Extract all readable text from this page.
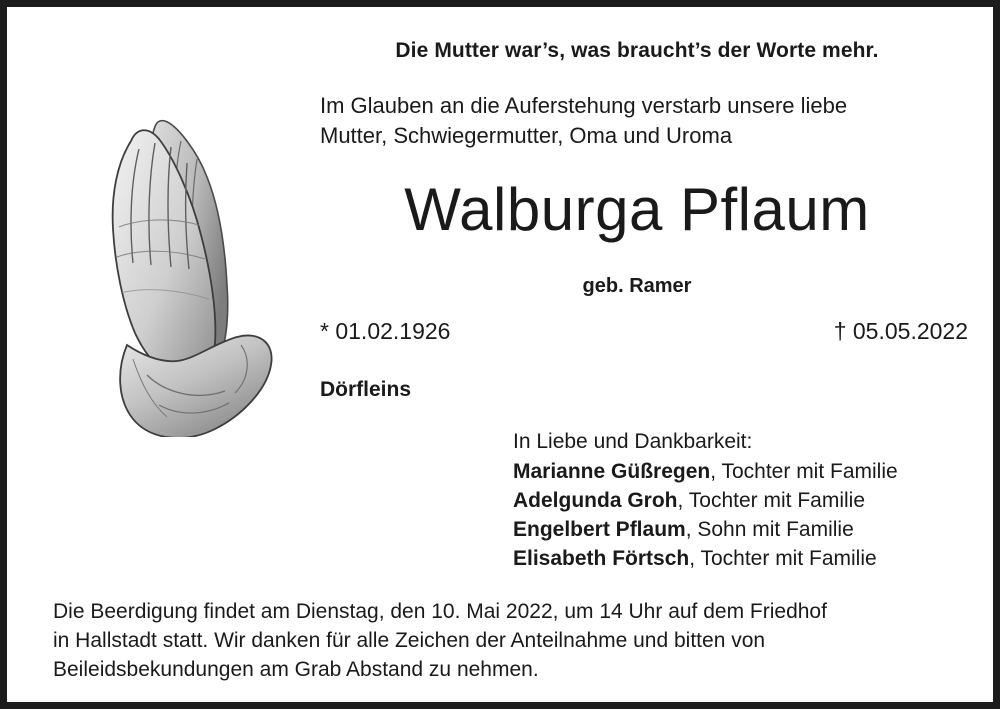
Die Mutter war’s, was braucht’s der Worte mehr.
Im Glauben an die Auferstehung verstarb unsere liebe
Mutter, Schwiegermutter, Oma und Uroma
Walburga Pflaum
geb. Ramer
* 01.02.1926	† 05.05.2022
Dörfleins
In Liebe und Dankbarkeit:
Marianne Güßregen, Tochter mit Familie
Adelgunda Groh, Tochter mit Familie
Engelbert Pflaum, Sohn mit Familie
Elisabeth Förtsch, Tochter mit Familie
Die Beerdigung findet am Dienstag, den 10. Mai 2022, um 14 Uhr auf dem Friedhof
in Hallstadt statt. Wir danken für alle Zeichen der Anteilnahme und bitten von
Beileidsbekundungen am Grab Abstand zu nehmen.
